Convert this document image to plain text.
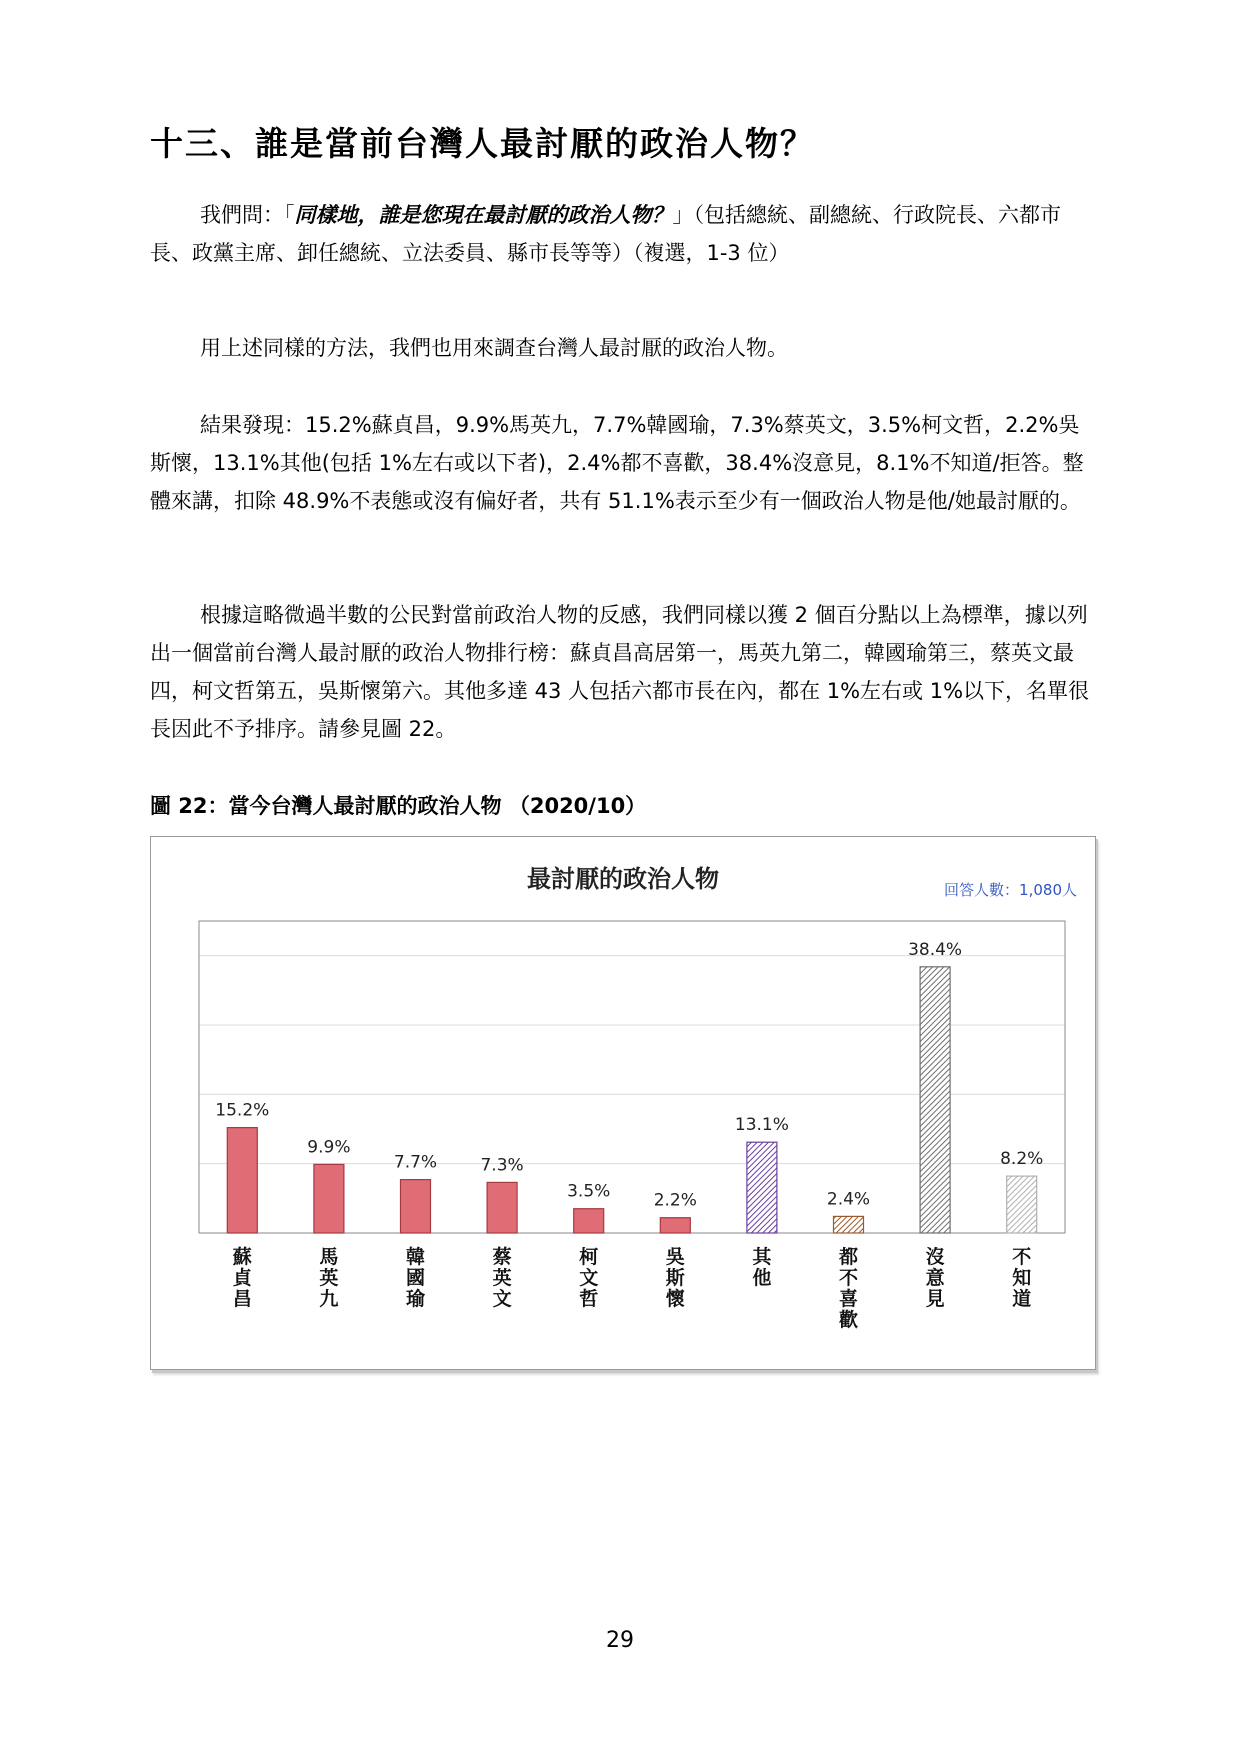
十三、誰是當前台灣人最討厭的政治人物？

我們問：「同樣地，誰是您現在最討厭的政治人物？」（包括總統、副總統、行政院長、六都市長、政黨主席、卸任總統、立法委員、縣市長等等）（複選，1-3 位）

用上述同樣的方法，我們也用來調查台灣人最討厭的政治人物。

結果發現：15.2%蘇貞昌，9.9%馬英九，7.7%韓國瑜，7.3%蔡英文，3.5%柯文哲，2.2%吳斯懷，13.1%其他(包括 1%左右或以下者)，2.4%都不喜歡，38.4%沒意見，8.1%不知道/拒答。整體來講，扣除 48.9%不表態或沒有偏好者，共有 51.1%表示至少有一個政治人物是他/她最討厭的。

根據這略微過半數的公民對當前政治人物的反感，我們同樣以獲 2 個百分點以上為標準，據以列出一個當前台灣人最討厭的政治人物排行榜：蘇貞昌高居第一，馬英九第二，韓國瑜第三，蔡英文最四，柯文哲第五，吳斯懷第六。其他多達 43 人包括六都市長在內，都在 1%左右或 1%以下，名單很長因此不予排序。請參見圖 22。

圖 22：當今台灣人最討厭的政治人物 （2020/10）
最討厭的政治人物	回答人數：1,080人
15.2%
9.9%
7.7%	7.3%
3.5%	2.2%
13.1%
2.4%
38.4%
8.2%
蘇貞昌
馬英九
韓國瑜
蔡英文
柯文哲
吳斯懷
其他
都不喜歡
沒意見
不知道
29
